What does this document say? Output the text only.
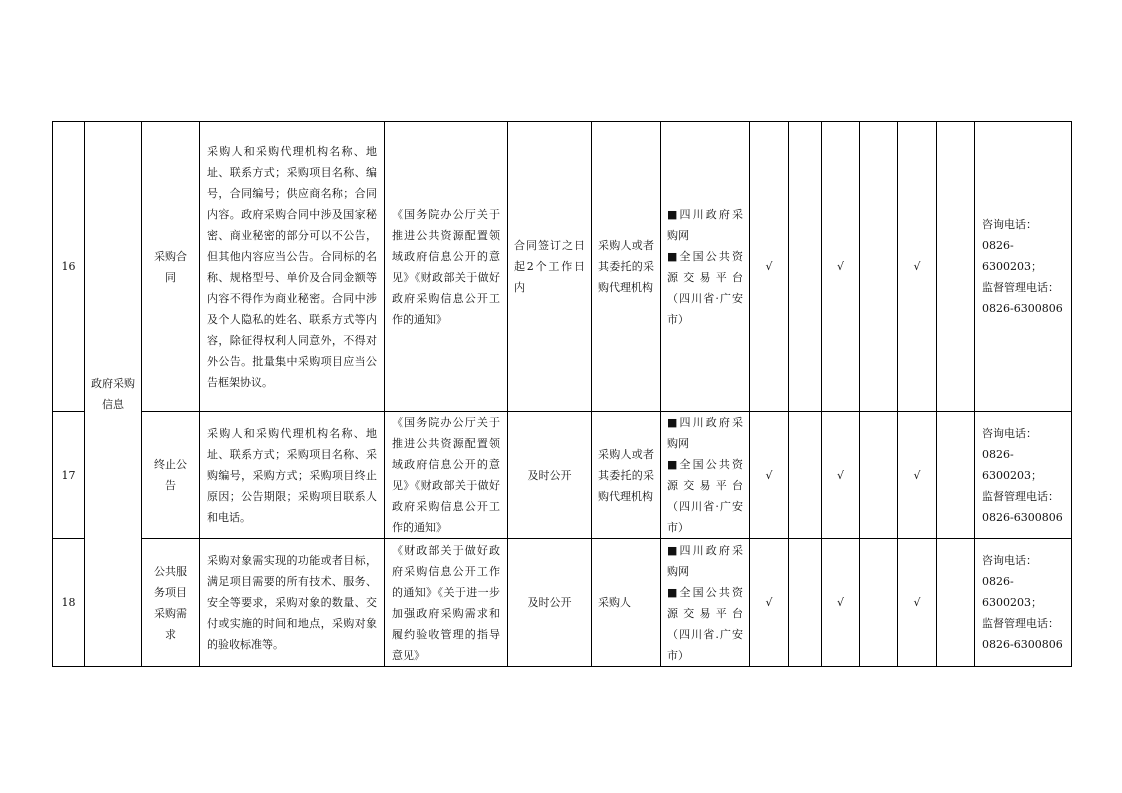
16	政府采购信息	采购合同	采购人和采购代理机构名称、地址、联系方式；采购项目名称、编号，合同编号；供应商名称；合同内容。政府采购合同中涉及国家秘密、商业秘密的部分可以不公告，但其他内容应当公告。合同标的名称、规格型号、单价及合同金额等内容不得作为商业秘密。合同中涉及个人隐私的姓名、联系方式等内容，除征得权利人同意外，不得对外公告。批量集中采购项目应当公告框架协议。	《国务院办公厅关于推进公共资源配置领域政府信息公开的意见》《财政部关于做好政府采购信息公开工作的通知》	合同签订之日起2个工作日内	采购人或者其委托的采购代理机构	■四川政府采购网
■全国公共资源交易平台（四川省·广安市）	√		√		√		咨询电话：
0826-6300203；
监督管理电话：
0826-6300806

17		终止公告	采购人和采购代理机构名称、地址、联系方式；采购项目名称、采购编号，采购方式；采购项目终止原因；公告期限；采购项目联系人和电话。	《国务院办公厅关于推进公共资源配置领域政府信息公开的意见》《财政部关于做好政府采购信息公开工作的通知》	及时公开	采购人或者其委托的采购代理机构	■四川政府采购网
■全国公共资源交易平台（四川省·广安市）	√		√		√		咨询电话：
0826-6300203；
监督管理电话：
0826-6300806

18		公共服务项目采购需求	采购对象需实现的功能或者目标，满足项目需要的所有技术、服务、安全等要求，采购对象的数量、交付或实施的时间和地点，采购对象的验收标准等。	《财政部关于做好政府采购信息公开工作的通知》《关于进一步加强政府采购需求和履约验收管理的指导意见》	及时公开	采购人	■四川政府采购网
■全国公共资源交易平台（四川省.广安市）	√		√		√		咨询电话：
0826-6300203；
监督管理电话：
0826-6300806
